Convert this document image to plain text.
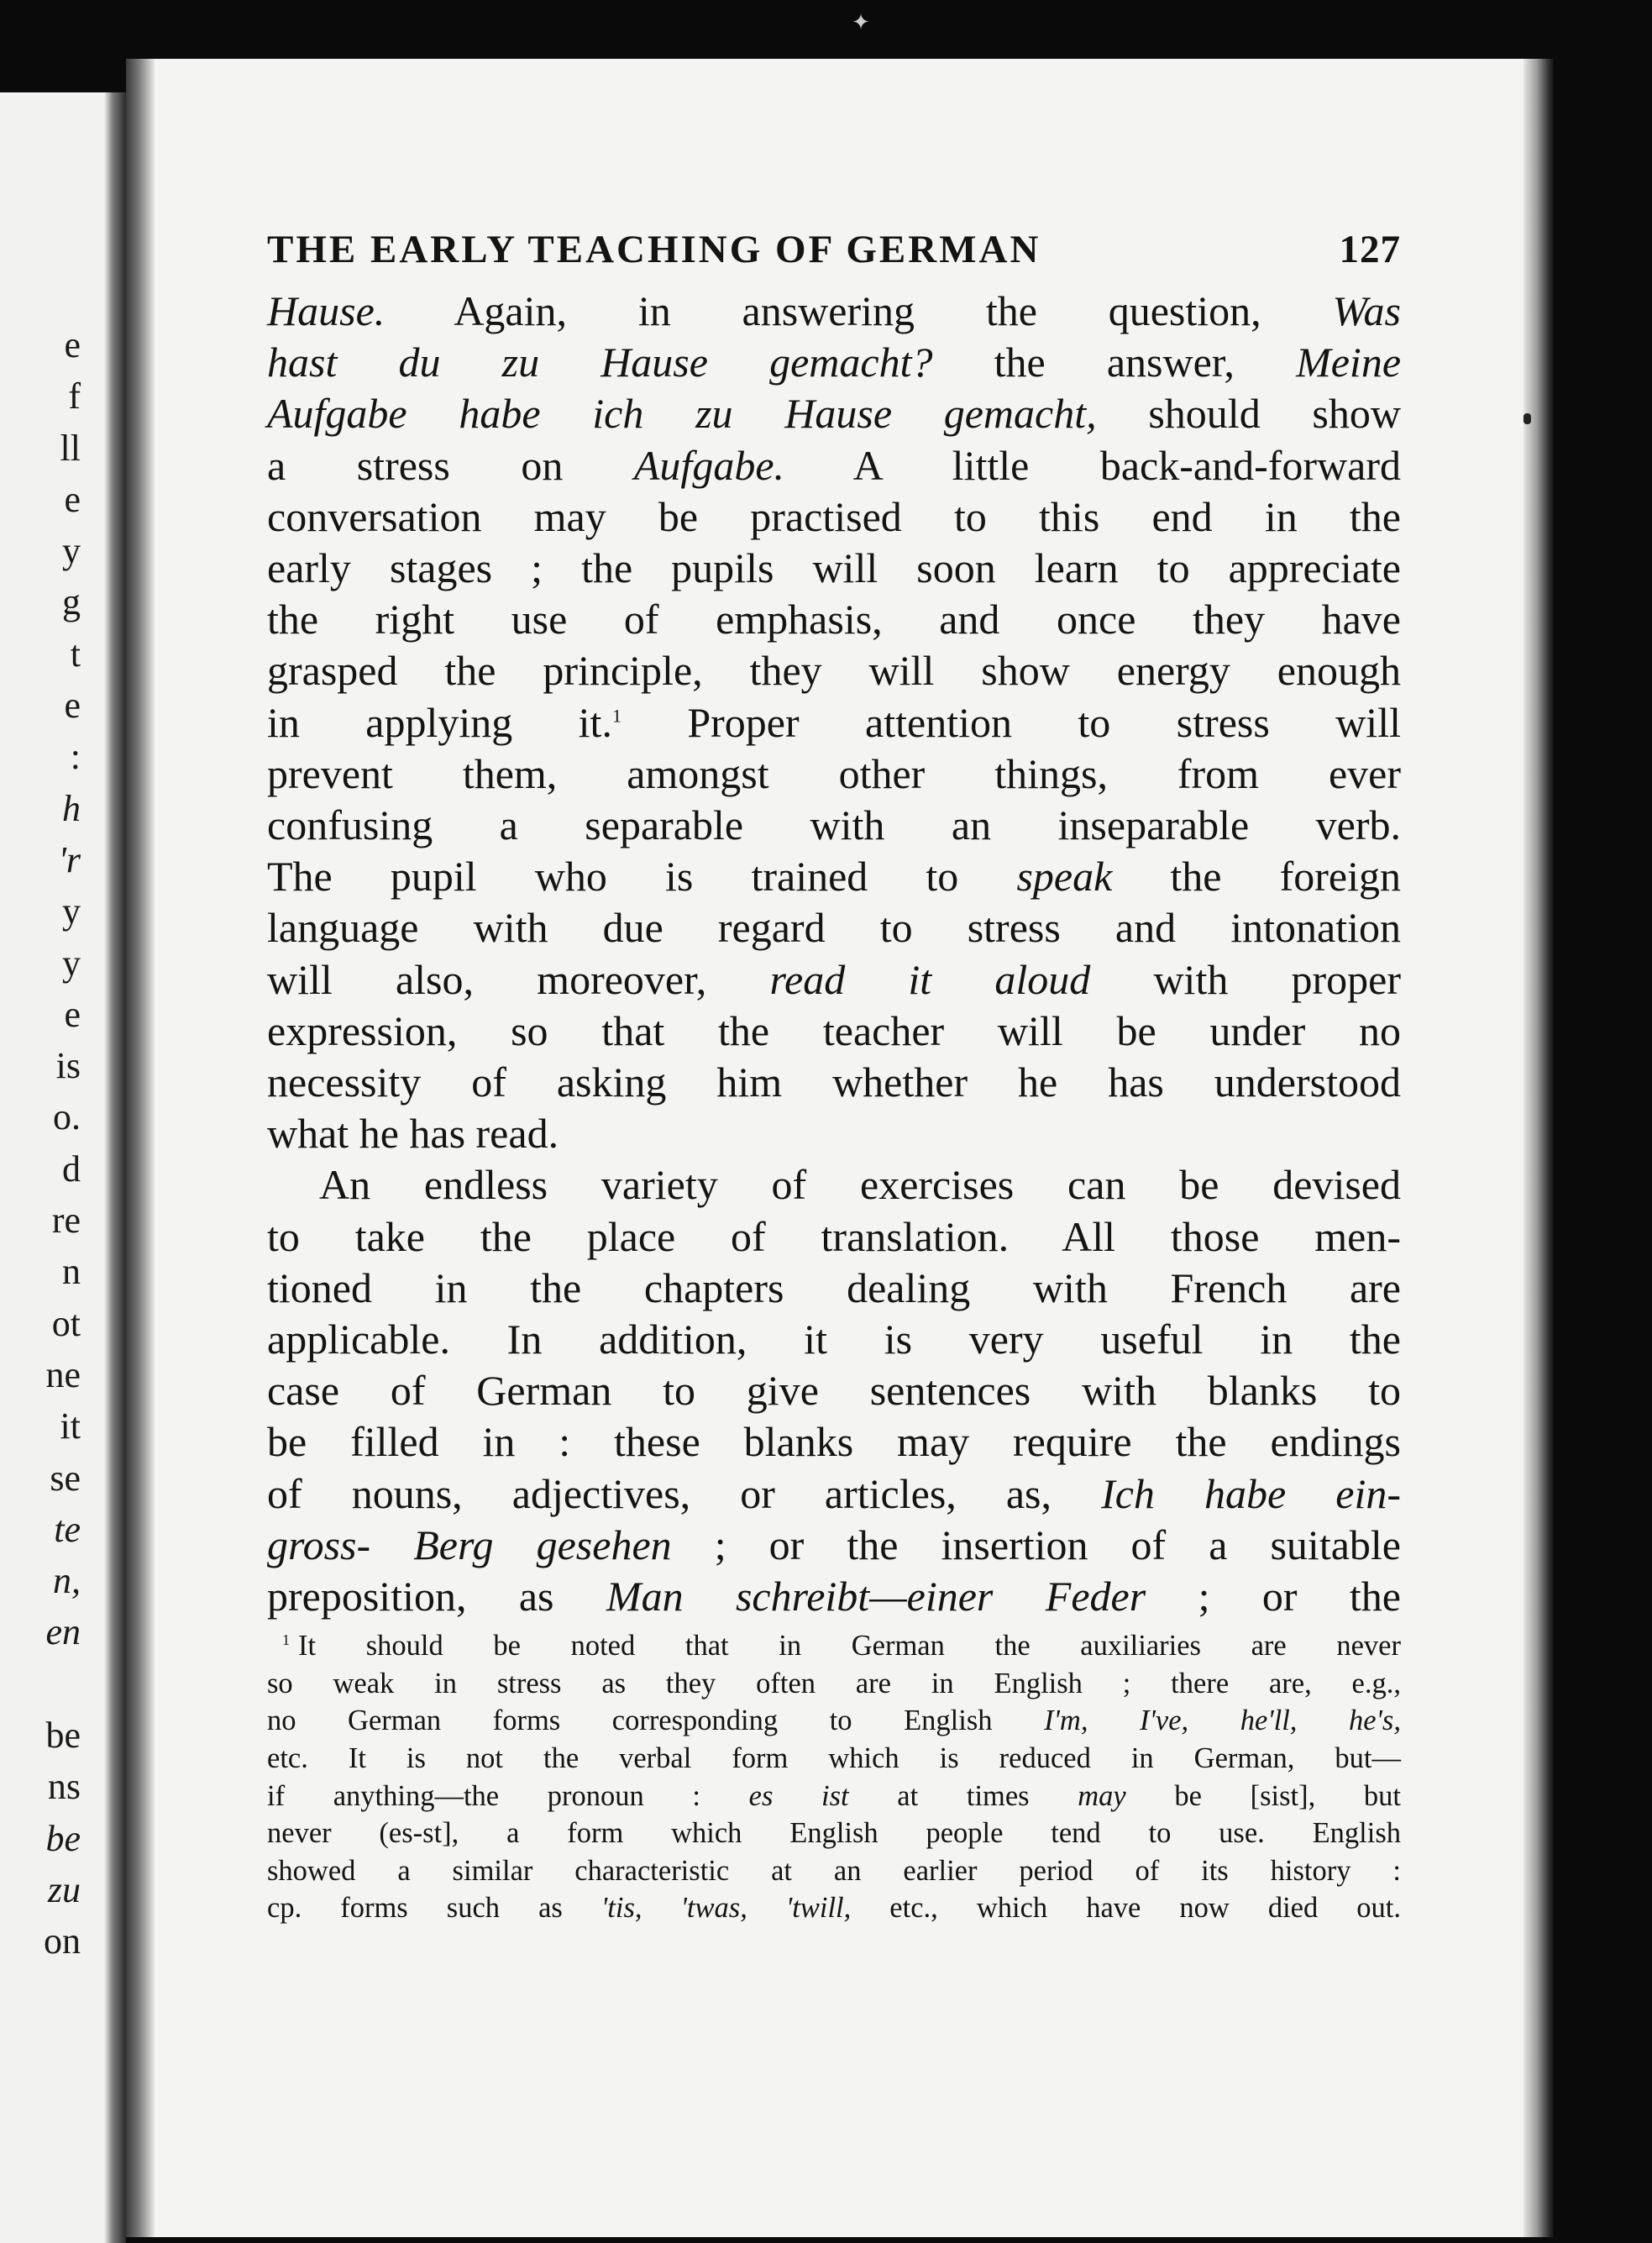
✦
e
f
ll
e
y
g
t
e
:
h
'r
y
y
e
is
o.
d
re
n
ot
ne
it
se
te
n,
en
be
ns
be
zu
on
THE EARLY TEACHING OF GERMAN	127

Hause. Again, in answering the question, Was
hast du zu Hause gemacht? the answer, Meine
Aufgabe habe ich zu Hause gemacht, should show
a stress on Aufgabe. A little back-and-forward
conversation may be practised to this end in the
early stages ; the pupils will soon learn to appreciate
the right use of emphasis, and once they have
grasped the principle, they will show energy enough
in applying it.$^1$ Proper attention to stress will
prevent them, amongst other things, from ever
confusing a separable with an inseparable verb.
The pupil who is trained to speak the foreign
language with due regard to stress and intonation
will also, moreover, read it aloud with proper
expression, so that the teacher will be under no
necessity of asking him whether he has understood
what he has read.

An endless variety of exercises can be devised
to take the place of translation. All those men-
tioned in the chapters dealing with French are
applicable. In addition, it is very useful in the
case of German to give sentences with blanks to
be filled in : these blanks may require the endings
of nouns, adjectives, or articles, as, Ich habe ein-
gross- Berg gesehen ; or the insertion of a suitable
preposition, as Man schreibt—einer Feder ; or the

$^1$ It should be noted that in German the auxiliaries are never
so weak in stress as they often are in English ; there are, e.g.,
no German forms corresponding to English I'm, I've, he'll, he's,
etc. It is not the verbal form which is reduced in German, but—
if anything—the pronoun : es ist at times may be [sist], but
never (es-st], a form which English people tend to use. English
showed a similar characteristic at an earlier period of its history :
cp. forms such as 'tis, 'twas, 'twill, etc., which have now died out.
